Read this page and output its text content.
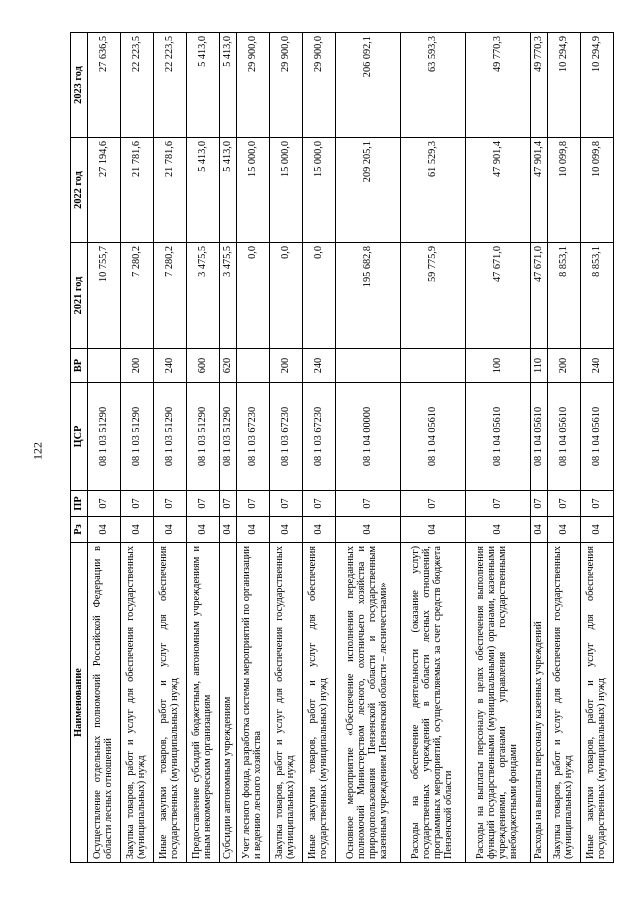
122
Наименование	Рз	ПР	ЦСР	ВР	2021 год	2022 год	2023 год
Осуществление отдельных полномочий Российской Федерации в области лесных отношений	04	07	08 1 03 51290		10 755,7	27 194,6	27 636,5
Закупка товаров, работ и услуг для обеспечения государственных (муниципальных) нужд	04	07	08 1 03 51290	200	7 280,2	21 781,6	22 223,5
Иные закупки товаров, работ и услуг для обеспечения государственных (муниципальных) нужд	04	07	08 1 03 51290	240	7 280,2	21 781,6	22 223,5
Предоставление субсидий бюджетным, автономным учреждениям и иным некоммерческим организациям	04	07	08 1 03 51290	600	3 475,5	5 413,0	5 413,0
Субсидии автономным учреждениям	04	07	08 1 03 51290	620	3 475,5	5 413,0	5 413,0
Учет лесного фонда, разработка системы мероприятий по организации и ведению лесного хозяйства	04	07	08 1 03 67230		0,0	15 000,0	29 900,0
Закупка товаров, работ и услуг для обеспечения государственных (муниципальных) нужд	04	07	08 1 03 67230	200	0,0	15 000,0	29 900,0
Иные закупки товаров, работ и услуг для обеспечения государственных (муниципальных) нужд	04	07	08 1 03 67230	240	0,0	15 000,0	29 900,0
Основное мероприятие «Обеспечение исполнения переданных полномочий Министерством лесного, охотничьего хозяйства и природопользования Пензенской области и государственным казенным учреждением Пензенской области – лесничествами»	04	07	08 1 04 00000		195 682,8	209 205,1	206 092,1
Расходы на обеспечение деятельности (оказание услуг) государственных учреждений в области лесных отношений, программных мероприятий, осуществляемых за счет средств бюджета Пензенской области	04	07	08 1 04 05610		59 775,9	61 529,3	63 593,3
Расходы на выплаты персоналу в целях обеспечения выполнения функций государственными (муниципальными) органами, казенными учреждениями, органами управления государственными внебюджетными фондами	04	07	08 1 04 05610	100	47 671,0	47 901,4	49 770,3
Расходы на выплаты персоналу казенных учреждений	04	07	08 1 04 05610	110	47 671,0	47 901,4	49 770,3
Закупка товаров, работ и услуг для обеспечения государственных (муниципальных) нужд	04	07	08 1 04 05610	200	8 853,1	10 099,8	10 294,9
Иные закупки товаров, работ и услуг для обеспечения государственных (муниципальных) нужд	04	07	08 1 04 05610	240	8 853,1	10 099,8	10 294,9
